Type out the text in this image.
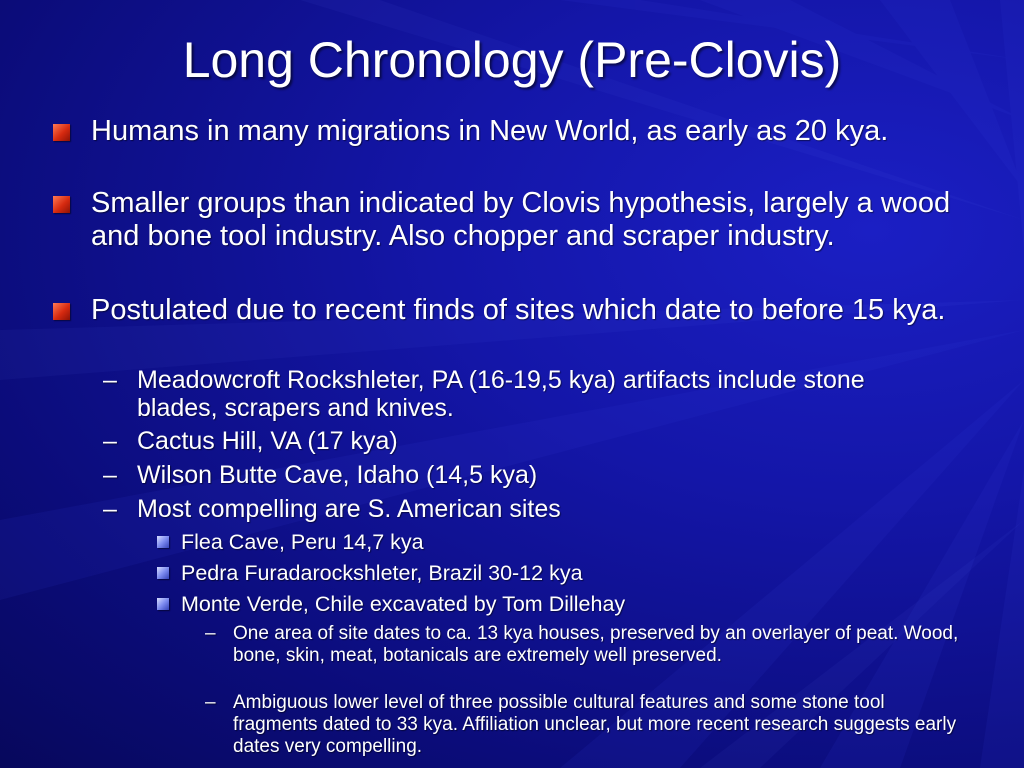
Long Chronology (Pre-Clovis)
Humans in many migrations in New World, as early as 20 kya.
Smaller groups than indicated by Clovis hypothesis, largely a wood and bone tool industry. Also chopper and scraper industry.
Postulated due to recent finds of sites which date to before 15 kya.
– Meadowcroft Rockshleter, PA (16-19,5 kya) artifacts include stone blades, scrapers and knives.
– Cactus Hill, VA (17 kya)
– Wilson Butte Cave, Idaho (14,5 kya)
– Most compelling are S. American sites
Flea Cave, Peru 14,7 kya
Pedra Furadarockshleter, Brazil 30-12 kya
Monte Verde, Chile excavated by Tom Dillehay
– One area of site dates to ca. 13 kya houses, preserved by an overlayer of peat. Wood, bone, skin, meat, botanicals are extremely well preserved.
– Ambiguous lower level of three possible cultural features and some stone tool fragments dated to 33 kya. Affiliation unclear, but more recent research suggests early dates very compelling.
